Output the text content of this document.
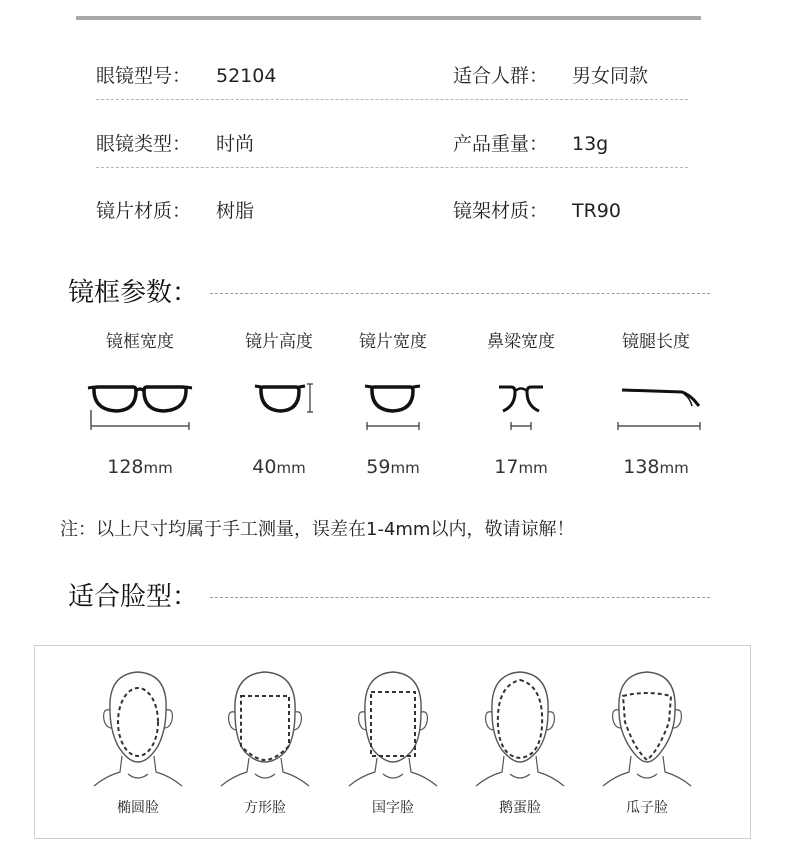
眼镜型号： 52104	适合人群： 男女同款
眼镜类型： 时尚	产品重量： 13g
镜片材质： 树脂	镜架材质： TR90
镜框参数：
镜框宽度
128mm
镜片高度
40mm
镜片宽度
59mm
鼻梁宽度
17mm
镜腿长度
138mm
注：以上尺寸均属于手工测量，误差在1-4mm以内，敬请谅解！
适合脸型：
椭圆脸	方形脸	国字脸	鹅蛋脸	瓜子脸
